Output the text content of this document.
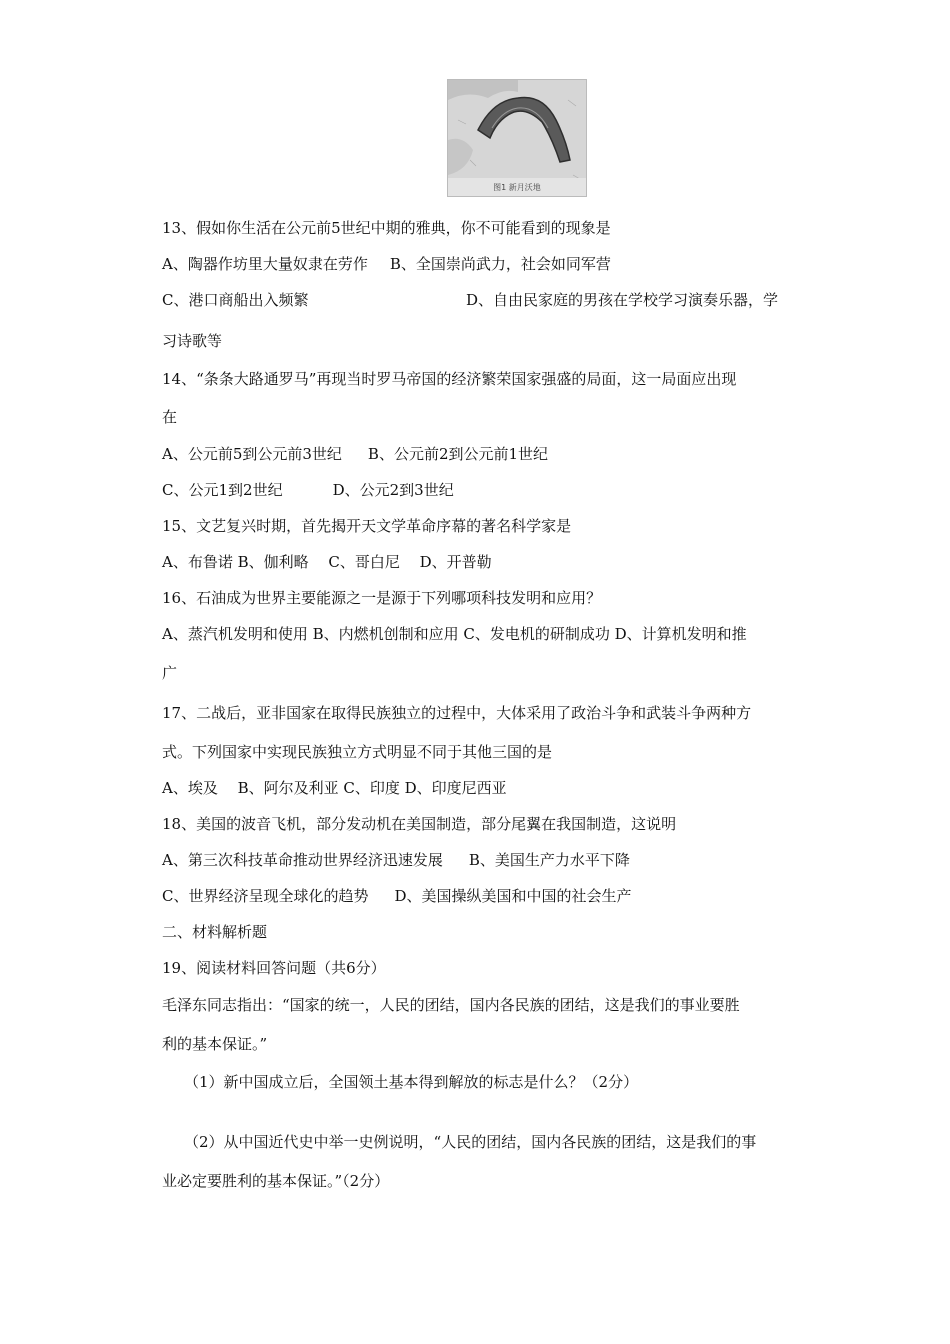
图1 新月沃地
13、假如你生活在公元前5世纪中期的雅典，你不可能看到的现象是
A、陶器作坊里大量奴隶在劳作 B、全国崇尚武力，社会如同军营
C、港口商船出入频繁	D、自由民家庭的男孩在学校学习演奏乐器，学
习诗歌等
14、“条条大路通罗马”再现当时罗马帝国的经济繁荣国家强盛的局面，这一局面应出现
在
A、公元前5到公元前3世纪 B、公元前2到公元前1世纪
C、公元1到2世纪	D、公元2到3世纪
15、文艺复兴时期，首先揭开天文学革命序幕的著名科学家是
A、布鲁诺 B、伽利略　 C、哥白尼　 D、开普勒
16、石油成为世界主要能源之一是源于下列哪项科技发明和应用？
A、蒸汽机发明和使用 B、内燃机创制和应用 C、发电机的研制成功 D、计算机发明和推
广
17、二战后，亚非国家在取得民族独立的过程中，大体采用了政治斗争和武装斗争两种方
式。下列国家中实现民族独立方式明显不同于其他三国的是
A、埃及　 B、阿尔及利亚 C、印度 D、印度尼西亚
18、美国的波音飞机，部分发动机在美国制造，部分尾翼在我国制造，这说明
A、第三次科技革命推动世界经济迅速发展 B、美国生产力水平下降
C、世界经济呈现全球化的趋势 D、美国操纵美国和中国的社会生产
二、材料解析题
19、阅读材料回答问题（共6分）
毛泽东同志指出：“国家的统一，人民的团结，国内各民族的团结，这是我们的事业要胜
利的基本保证。”
（1）新中国成立后，全国领土基本得到解放的标志是什么？（2分）
（2）从中国近代史中举一史例说明，“人民的团结，国内各民族的团结，这是我们的事
业必定要胜利的基本保证。”（2分）
